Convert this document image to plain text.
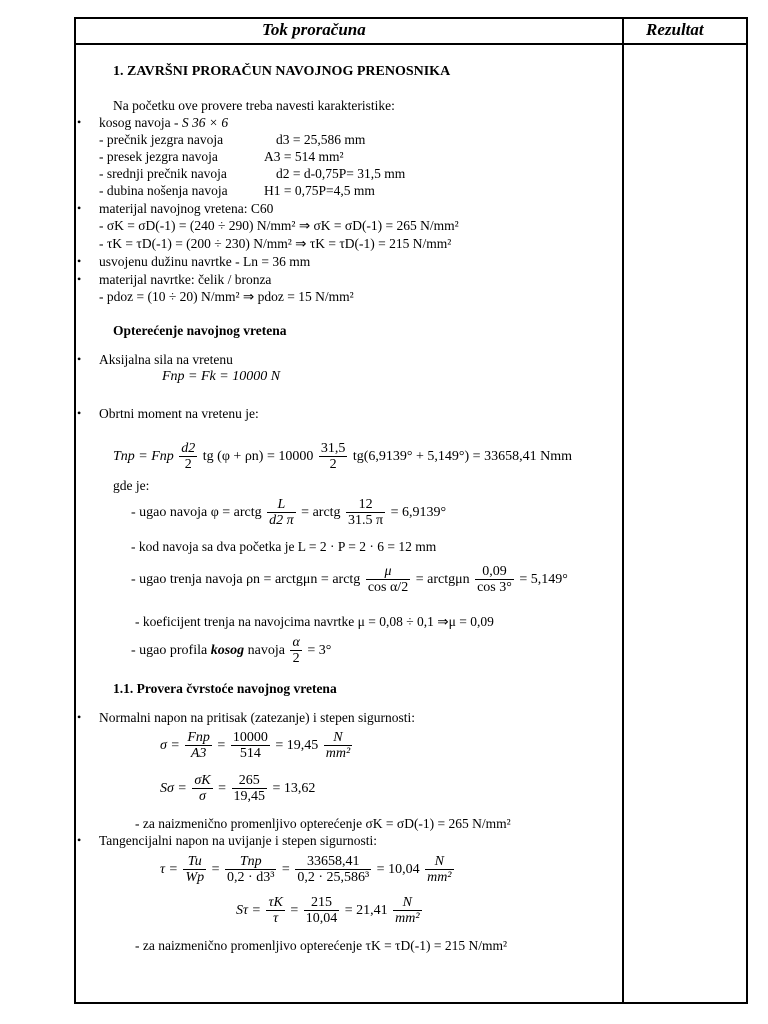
Tok proračuna	Rezultat
1. ZAVRŠNI PRORAČUN NAVOJNOG PRENOSNIKA
Na početku ove provere treba navesti karakteristike:
• kosog navoja - S 36 × 6
- prečnik jezgra navoja	d3 = 25,586 mm
- presek jezgra navoja	A3 = 514 mm²
- srednji prečnik navoja	d2 = d-0,75P= 31,5 mm
- dubina nošenja navoja	H1 = 0,75P=4,5 mm
• materijal navojnog vretena: C60
- σK = σD(-1) = (240 ÷ 290) N/mm² ⇒ σK = σD(-1) = 265 N/mm²
- τK = τD(-1) = (200 ÷ 230) N/mm² ⇒ τK = τD(-1) = 215 N/mm²
• usvojenu dužinu navrtke - Ln = 36 mm
• materijal navrtke: čelik / bronza
- pdoz = (10 ÷ 20) N/mm² ⇒ pdoz = 15 N/mm²
Opterećenje navojnog vretena
• Aksijalna sila na vretenu
Fnp = Fk = 10000 N
• Obrtni moment na vretenu je:
Tnp = Fnp $\frac{d2}{2}$ tg $(\varphi + \rho n) = 10000 \frac{31,5}{2} tg(6,9139^\circ + 5,149^\circ) = 33658,41$ Nmm
gde je:
- ugao navoja φ = arctg $\frac{L}{d2 \pi}$ = arctg $\frac{12}{31.5 \pi} = 6,9139^\circ$
- kod navoja sa dva početka je L = 2 · P = 2 · 6 = 12 mm
- ugao trenja navoja ρn = arctgμn = arctg $\frac{\mu}{\text{cos α/2}}$ = arctgμn $\frac{0,09}{\cos 3^\circ} = 5,149^\circ$
- koeficijent trenja na navojcima navrtke μ = 0,08 ÷ 0,1 ⇒μ = 0,09
- ugao profila kosog navoja $\frac{\alpha}{2} = 3^\circ$
1.1. Provera čvrstoće navojnog vretena
• Normalni napon na pritisak (zatezanje) i stepen sigurnosti:
$\sigma = \frac{\text{Fnp}}{A3} = \frac{10000}{514} = 19,45 \frac{N}{\text{mm²}}$
$S\sigma = \frac{\sigma K}{\sigma} = \frac{265}{19,45} = 13,62$
- za naizmenično promenljivo opterećenje σK = σD(-1) = 265 N/mm²
• Tangencijalni napon na uvijanje i stepen sigurnosti:
$\tau = \frac{Tu}{Wp} = \frac{\text{Tnp}}{\text{0,2 · d3³}} = \frac{33658,41}{\text{0,2 · 25,586³}} = 10,04 \frac{N}{\text{mm²}}$
$S\tau = \frac{\tau K}{\tau} = \frac{215}{10,04} = 21,41 \frac{N}{\text{mm²}}$
- za naizmenično promenljivo opterećenje τK = τD(-1) = 215 N/mm²
